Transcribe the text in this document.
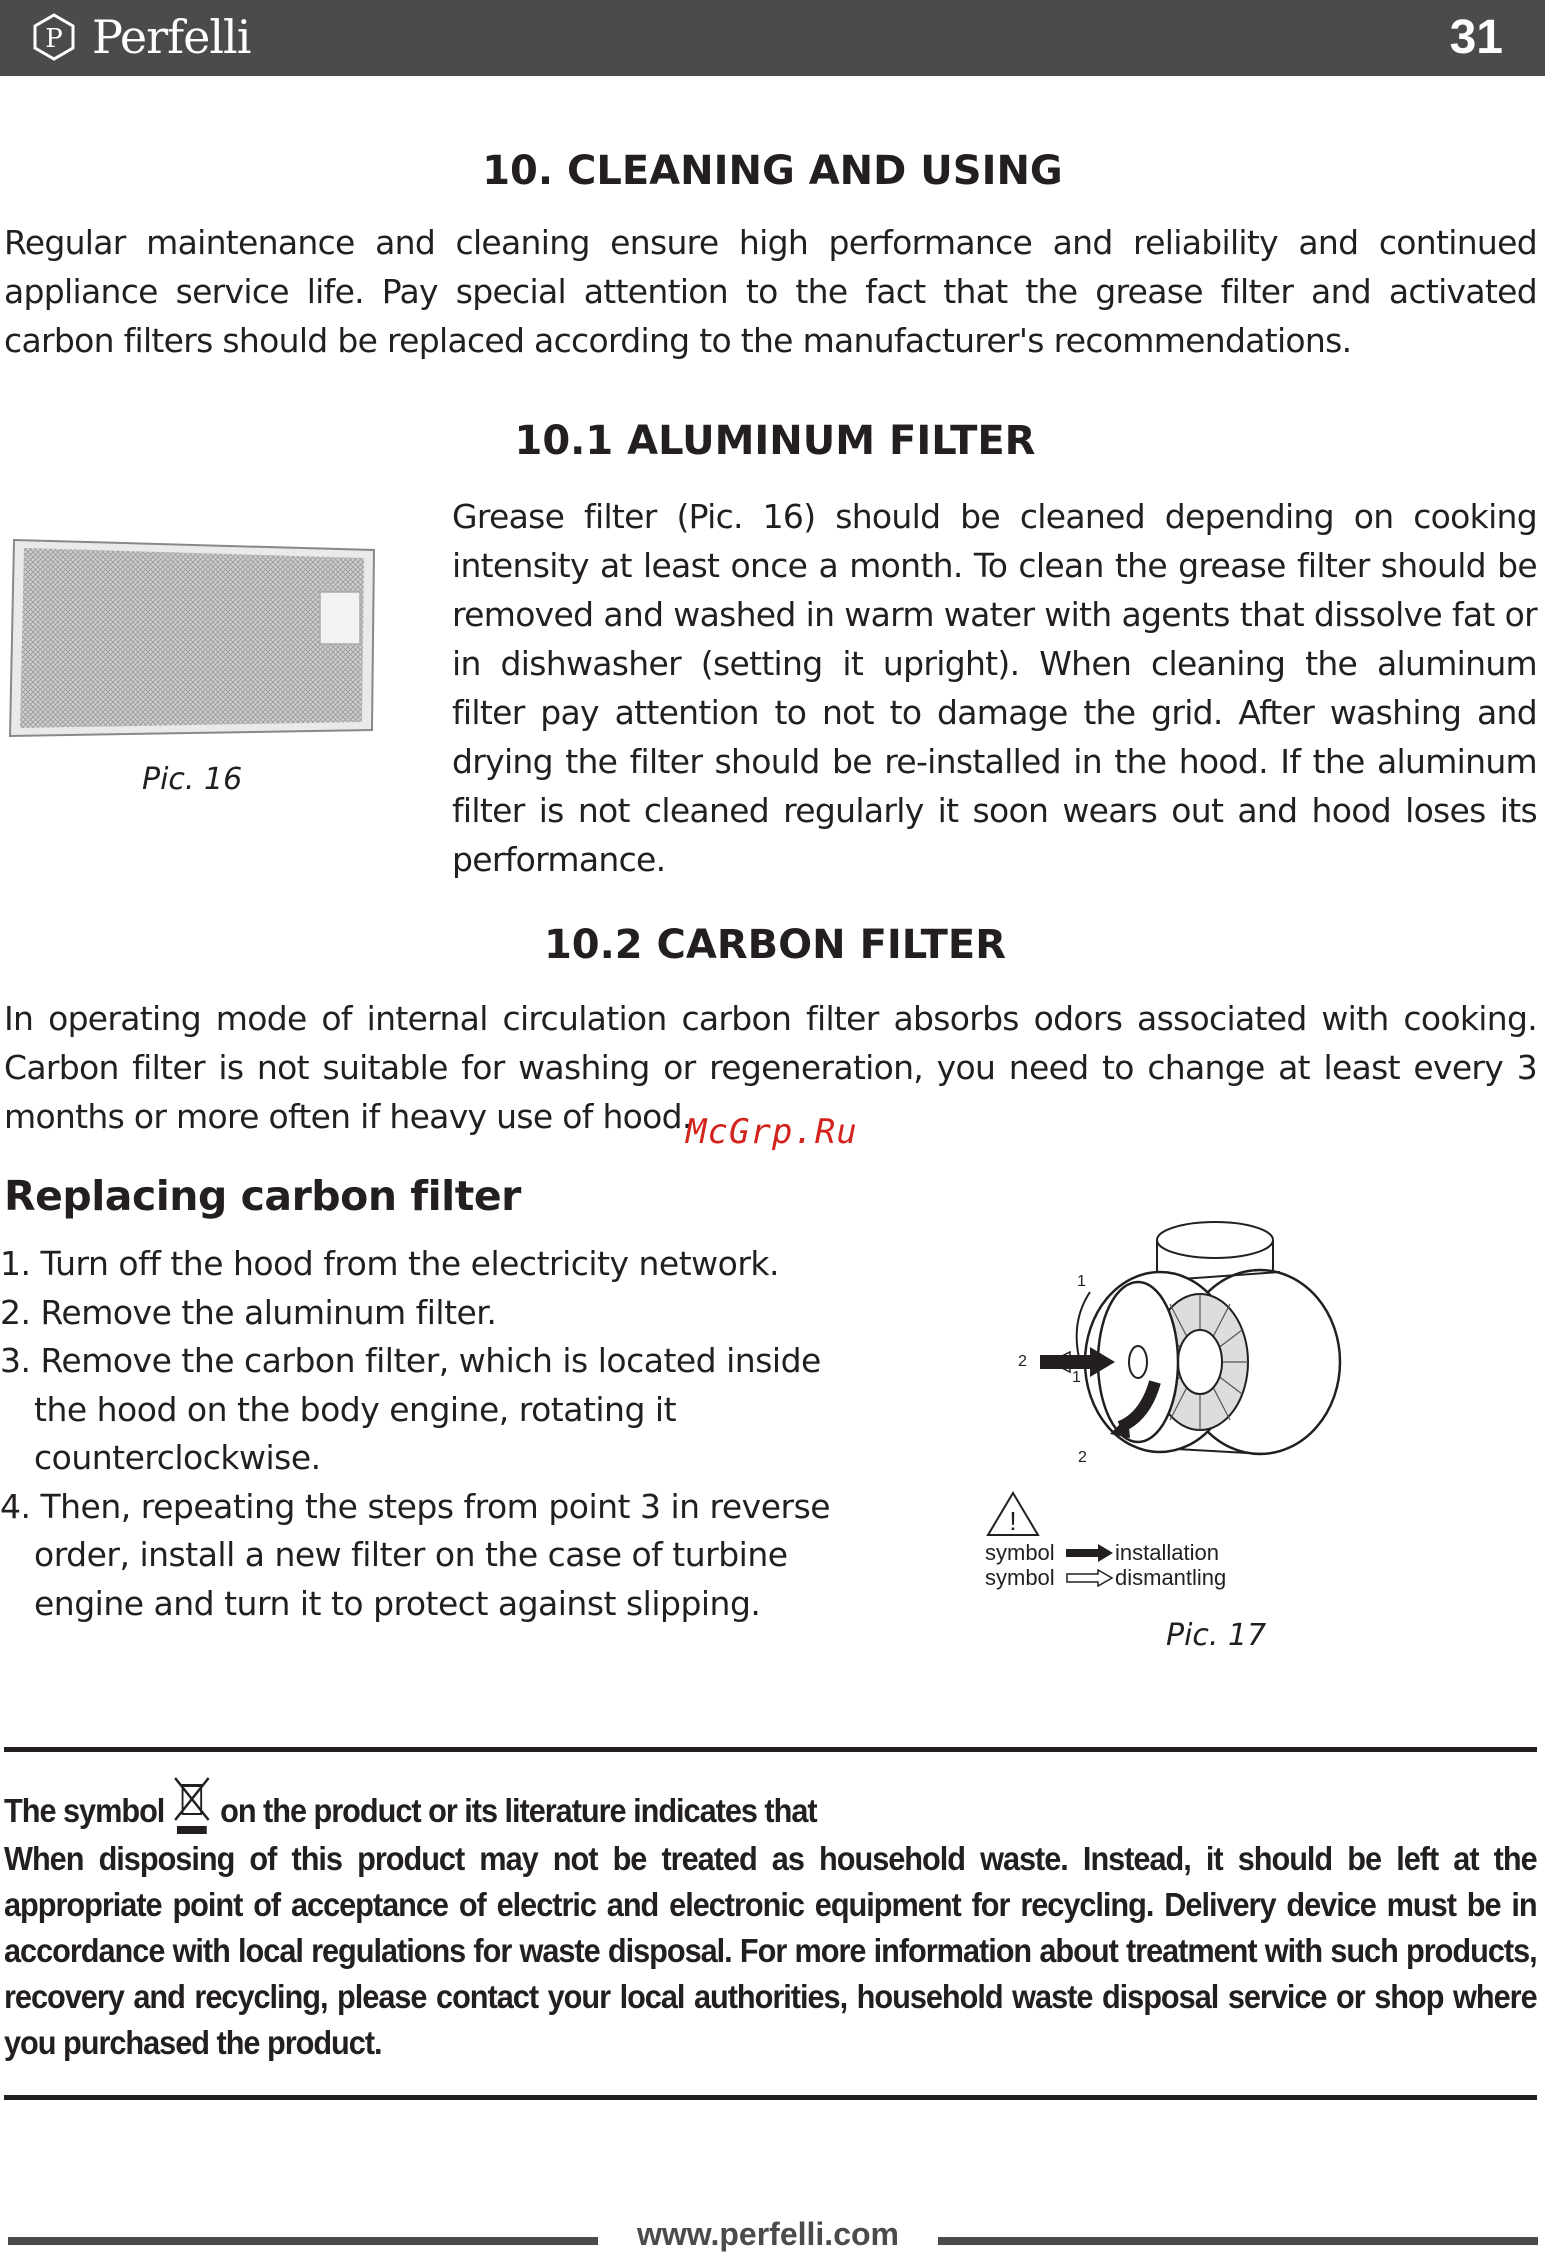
P Perfelli	31
10. CLEANING AND USING

Regular maintenance and cleaning ensure high performance and reliability and continued appliance service life. Pay special attention to the fact that the grease filter and activated carbon filters should be replaced according to the manufacturer's recommendations.

10.1 ALUMINUM FILTER
Pic. 16

Grease filter (Pic. 16) should be cleaned depending on cooking intensity at least once a month. To clean the grease filter should be removed and washed in warm water with agents that dissolve fat or in dishwasher (setting it upright). When cleaning the aluminum filter pay attention to not to damage the grid. After washing and drying the filter should be re-installed in the hood. If the aluminum filter is not cleaned regularly it soon wears out and hood loses its performance.

10.2 CARBON FILTER

In operating mode of internal circulation carbon filter absorbs odors associated with cooking. Carbon filter is not suitable for washing or regeneration, you need to change at least every 3 months or more often if heavy use of hood.

McGrp.Ru
Replacing carbon filter
1. Turn off the hood from the electricity network.
2. Remove the aluminum filter.
3. Remove the carbon filter, which is located inside the hood on the body engine, rotating it counterclockwise.
4. Then, repeating the steps from point 3 in reverse order, install a new filter on the case of turbine engine and turn it to protect against slipping.
1
2
1
2
!
symbol	installation
symbol	dismantling
Pic. 17
The symbol on the product or its literature indicates that
When disposing of this product may not be treated as household waste. Instead, it should be left at the appropriate point of acceptance of electric and electronic equipment for recycling. Delivery device must be in accordance with local regulations for waste disposal. For more information about treatment with such products, recovery and recycling, please contact your local authorities, household waste disposal service or shop where you purchased the product.
www.perfelli.com
